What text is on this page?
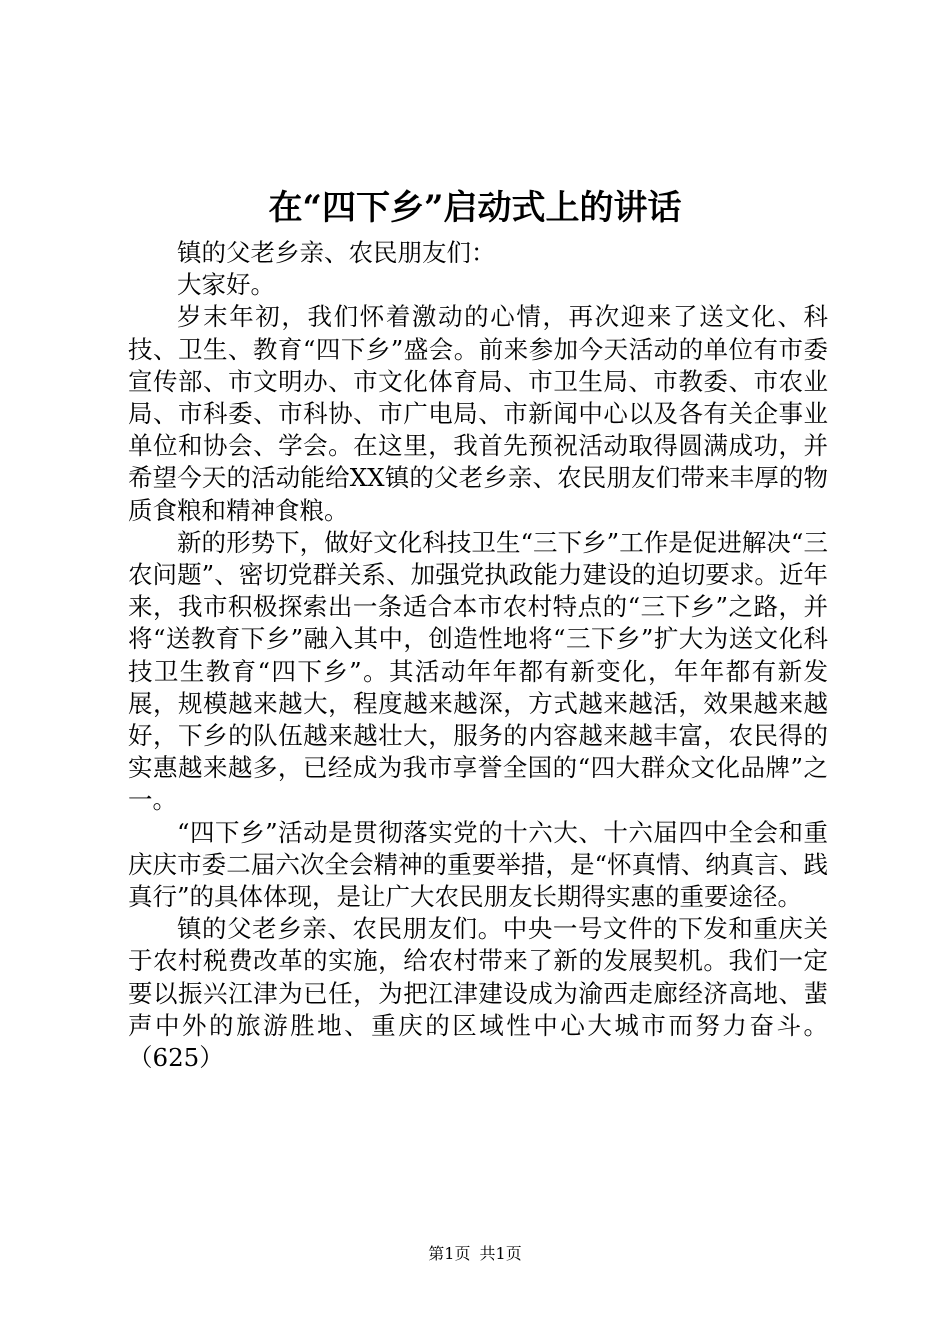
在“四下乡”启动式上的讲话

镇的父老乡亲、农民朋友们：

大家好。

岁末年初，我们怀着激动的心情，再次迎来了送文化、科技、卫生、教育“四下乡”盛会。前来参加今天活动的单位有市委宣传部、市文明办、市文化体育局、市卫生局、市教委、市农业局、市科委、市科协、市广电局、市新闻中心以及各有关企事业单位和协会、学会。在这里，我首先预祝活动取得圆满成功，并希望今天的活动能给XX镇的父老乡亲、农民朋友们带来丰厚的物质食粮和精神食粮。

新的形势下，做好文化科技卫生“三下乡”工作是促进解决“三农问题”、密切党群关系、加强党执政能力建设的迫切要求。近年来，我市积极探索出一条适合本市农村特点的“三下乡”之路，并将“送教育下乡”融入其中，创造性地将“三下乡”扩大为送文化科技卫生教育“四下乡”。其活动年年都有新变化，年年都有新发展，规模越来越大，程度越来越深，方式越来越活，效果越来越好，下乡的队伍越来越壮大，服务的内容越来越丰富，农民得的实惠越来越多，已经成为我市享誉全国的“四大群众文化品牌”之一。

“四下乡”活动是贯彻落实党的十六大、十六届四中全会和重庆庆市委二届六次全会精神的重要举措，是“怀真情、纳真言、践真行”的具体体现，是让广大农民朋友长期得实惠的重要途径。

镇的父老乡亲、农民朋友们。中央一号文件的下发和重庆关于农村税费改革的实施，给农村带来了新的发展契机。我们一定要以振兴江津为已任，为把江津建设成为渝西走廊经济高地、蜚声中外的旅游胜地、重庆的区域性中心大城市而努力奋斗。（625）

第1页 共1页
